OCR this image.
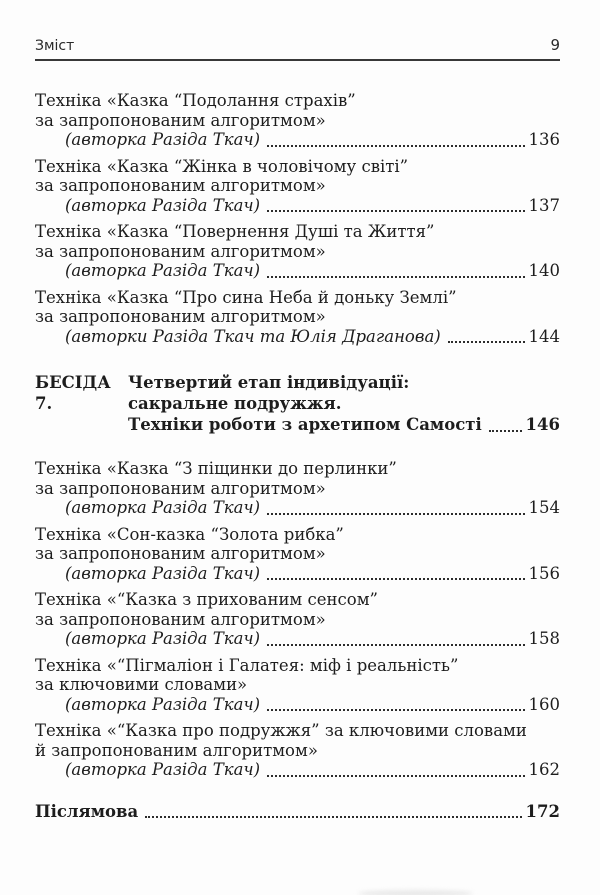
Зміст	9
Техніка «Казка “Подолання страхів”
за запропонованим алгоритмом»
(авторка Разіда Ткач)	136
Техніка «Казка “Жінка в чоловічому світі”
за запропонованим алгоритмом»
(авторка Разіда Ткач)	137
Техніка «Казка “Повернення Душі та Життя”
за запропонованим алгоритмом»
(авторка Разіда Ткач)	140
Техніка «Казка “Про сина Неба й доньку Землі”
за запропонованим алгоритмом»
(авторки Разіда Ткач та Юлія Драганова)	144
БЕСІДА 7.
Четвертий етап індивідуації:
сакральне подружжя.
Техніки роботи з архетипом Самості	146
Техніка «Казка “З піщинки до перлинки”
за запропонованим алгоритмом»
(авторка Разіда Ткач)	154
Техніка «Сон-казка “Золота рибка”
за запропонованим алгоритмом»
(авторка Разіда Ткач)	156
Техніка «“Казка з прихованим сенсом”
за запропонованим алгоритмом»
(авторка Разіда Ткач)	158
Техніка «“Пігмаліон і Галатея: міф і реальність”
за ключовими словами»
(авторка Разіда Ткач)	160
Техніка «“Казка про подружжя” за ключовими словами
й запропонованим алгоритмом»
(авторка Разіда Ткач)	162
Післямова	172
